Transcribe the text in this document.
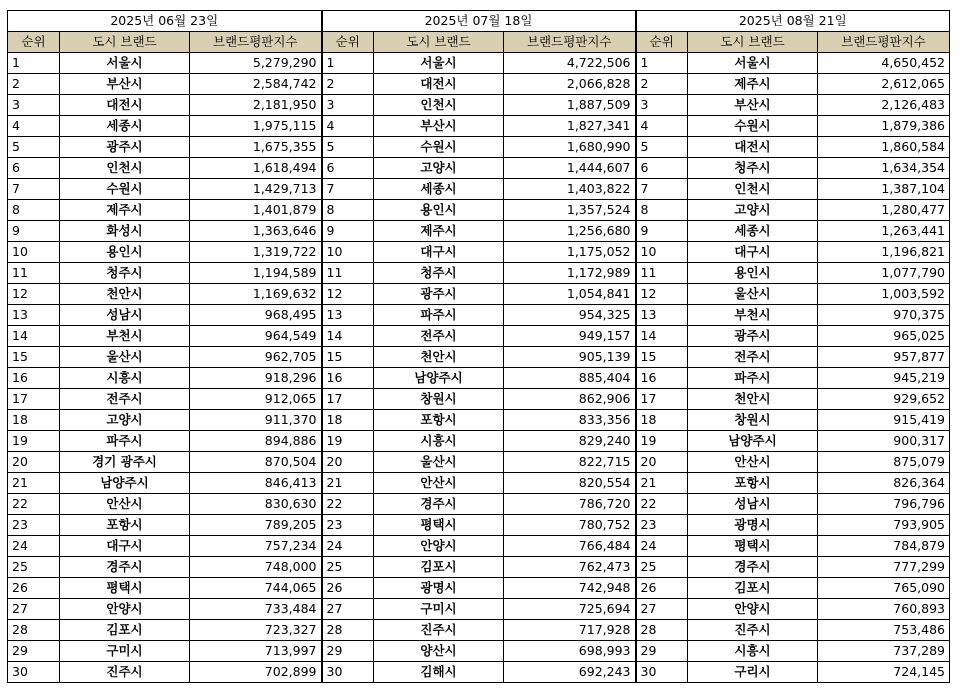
2025년 06월 23일			2025년 07월 18일			2025년 08월 21일		
순위	도시 브랜드	브랜드평판지수	순위	도시 브랜드	브랜드평판지수	순위	도시 브랜드	브랜드평판지수
1	서울시	5,279,290	1	서울시	4,722,506	1	서울시	4,650,452
2	부산시	2,584,742	2	대전시	2,066,828	2	제주시	2,612,065
3	대전시	2,181,950	3	인천시	1,887,509	3	부산시	2,126,483
4	세종시	1,975,115	4	부산시	1,827,341	4	수원시	1,879,386
5	광주시	1,675,355	5	수원시	1,680,990	5	대전시	1,860,584
6	인천시	1,618,494	6	고양시	1,444,607	6	청주시	1,634,354
7	수원시	1,429,713	7	세종시	1,403,822	7	인천시	1,387,104
8	제주시	1,401,879	8	용인시	1,357,524	8	고양시	1,280,477
9	화성시	1,363,646	9	제주시	1,256,680	9	세종시	1,263,441
10	용인시	1,319,722	10	대구시	1,175,052	10	대구시	1,196,821
11	청주시	1,194,589	11	청주시	1,172,989	11	용인시	1,077,790
12	천안시	1,169,632	12	광주시	1,054,841	12	울산시	1,003,592
13	성남시	968,495	13	파주시	954,325	13	부천시	970,375
14	부천시	964,549	14	전주시	949,157	14	광주시	965,025
15	울산시	962,705	15	천안시	905,139	15	전주시	957,877
16	시흥시	918,296	16	남양주시	885,404	16	파주시	945,219
17	전주시	912,065	17	창원시	862,906	17	천안시	929,652
18	고양시	911,370	18	포항시	833,356	18	창원시	915,419
19	파주시	894,886	19	시흥시	829,240	19	남양주시	900,317
20	경기 광주시	870,504	20	울산시	822,715	20	안산시	875,079
21	남양주시	846,413	21	안산시	820,554	21	포항시	826,364
22	안산시	830,630	22	경주시	786,720	22	성남시	796,796
23	포항시	789,205	23	평택시	780,752	23	광명시	793,905
24	대구시	757,234	24	안양시	766,484	24	평택시	784,879
25	경주시	748,000	25	김포시	762,473	25	경주시	777,299
26	평택시	744,065	26	광명시	742,948	26	김포시	765,090
27	안양시	733,484	27	구미시	725,694	27	안양시	760,893
28	김포시	723,327	28	진주시	717,928	28	진주시	753,486
29	구미시	713,997	29	양산시	698,993	29	시흥시	737,289
30	진주시	702,899	30	김해시	692,243	30	구리시	724,145
